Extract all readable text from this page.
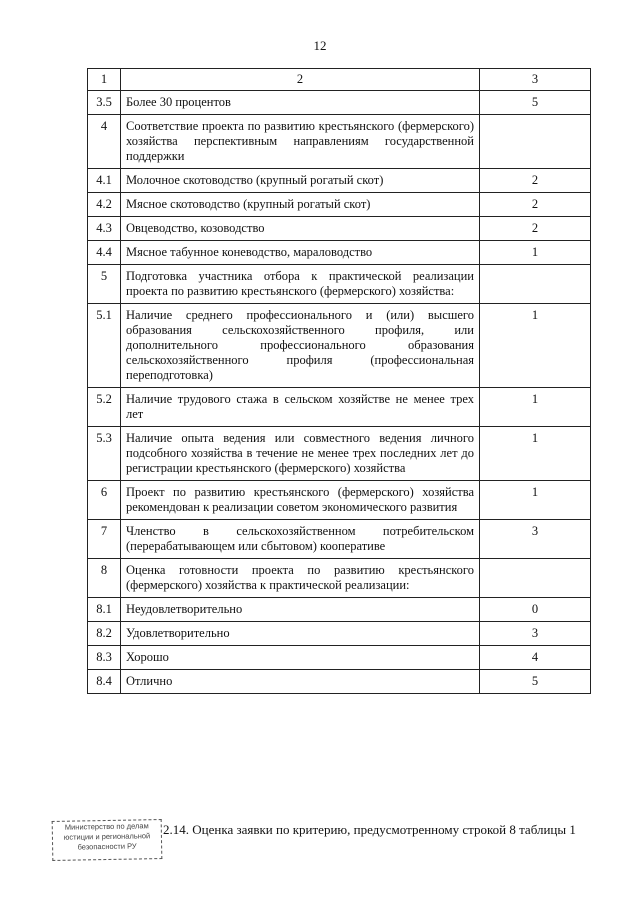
12
1	2	3
3.5	Более 30 процентов	5
4	Соответствие проекта по развитию крестьянского (фермерского) хозяйства перспективным направлениям государственной поддержки	
4.1	Молочное скотоводство (крупный рогатый скот)	2
4.2	Мясное скотоводство (крупный рогатый скот)	2
4.3	Овцеводство, козоводство	2
4.4	Мясное табунное коневодство, мараловодство	1
5	Подготовка участника отбора к практической реализации проекта по развитию крестьянского (фермерского) хозяйства:	
5.1	Наличие среднего профессионального и (или) высшего образования сельскохозяйственного профиля, или дополнительного профессионального образования сельскохозяйственного профиля (профессиональная переподготовка)	1
5.2	Наличие трудового стажа в сельском хозяйстве не менее трех лет	1
5.3	Наличие опыта ведения или совместного ведения личного подсобного хозяйства в течение не менее трех последних лет до регистрации крестьянского (фермерского) хозяйства	1
6	Проект по развитию крестьянского (фермерского) хозяйства рекомендован к реализации советом экономического развития	1
7	Членство в сельскохозяйственном потребительском (перерабатывающем или сбытовом) кооперативе	3
8	Оценка готовности проекта по развитию крестьянского (фермерского) хозяйства к практической реализации:	
8.1	Неудовлетворительно	0
8.2	Удовлетворительно	3
8.3	Хорошо	4
8.4	Отлично	5
Министерство по делам
юстиции и региональной
безопасности РУ
2.14. Оценка заявки по критерию, предусмотренному строкой 8 таблицы 1
